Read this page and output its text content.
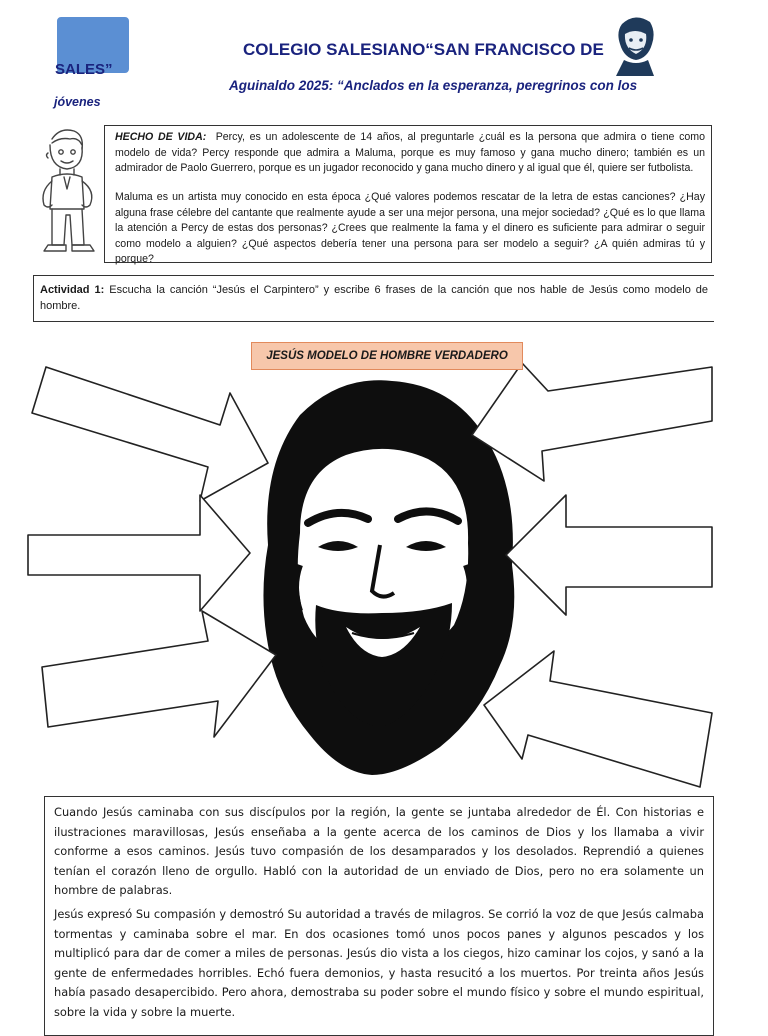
COLEGIO SALESIANO“SAN FRANCISCO DE
SALES”
Aguinaldo 2025: “Anclados en la esperanza, peregrinos con los
jóvenes

HECHO DE VIDA: Percy, es un adolescente de 14 años, al preguntarle ¿cuál es la persona que admira o tiene como modelo de vida? Percy responde que admira a Maluma, porque es muy famoso y gana mucho dinero; también es un admirador de Paolo Guerrero, porque es un jugador reconocido y gana mucho dinero y al igual que él, quiere ser futbolista.

Maluma es un artista muy conocido en esta época ¿Qué valores podemos rescatar de la letra de estas canciones? ¿Hay alguna frase célebre del cantante que realmente ayude a ser una mejor persona, una mejor sociedad? ¿Qué es lo que llama la atención a Percy de estas dos personas? ¿Crees que realmente la fama y el dinero es suficiente para admirar o seguir como modelo a alguien? ¿Qué aspectos debería tener una persona para ser modelo a seguir? ¿A quién admiras tú y porque?

Actividad 1: Escucha la canción “Jesús el Carpintero” y escribe 6 frases de la canción que nos hable de Jesús como modelo de hombre.

JESÚS MODELO DE HOMBRE VERDADERO

Cuando Jesús caminaba con sus discípulos por la región, la gente se juntaba alrededor de Él. Con historias e ilustraciones maravillosas, Jesús enseñaba a la gente acerca de los caminos de Dios y los llamaba a vivir conforme a esos caminos. Jesús tuvo compasión de los desamparados y los desolados. Reprendió a quienes tenían el corazón lleno de orgullo. Habló con la autoridad de un enviado de Dios, pero no era solamente un hombre de palabras.

Jesús expresó Su compasión y demostró Su autoridad a través de milagros. Se corrió la voz de que Jesús calmaba tormentas y caminaba sobre el mar. En dos ocasiones tomó unos pocos panes y algunos pescados y los multiplicó para dar de comer a miles de personas. Jesús dio vista a los ciegos, hizo caminar los cojos, y sanó a la gente de enfermedades horribles. Echó fuera demonios, y hasta resucitó a los muertos. Por treinta años Jesús había pasado desapercibido. Pero ahora, demostraba su poder sobre el mundo físico y sobre el mundo espiritual, sobre la vida y sobre la muerte.
